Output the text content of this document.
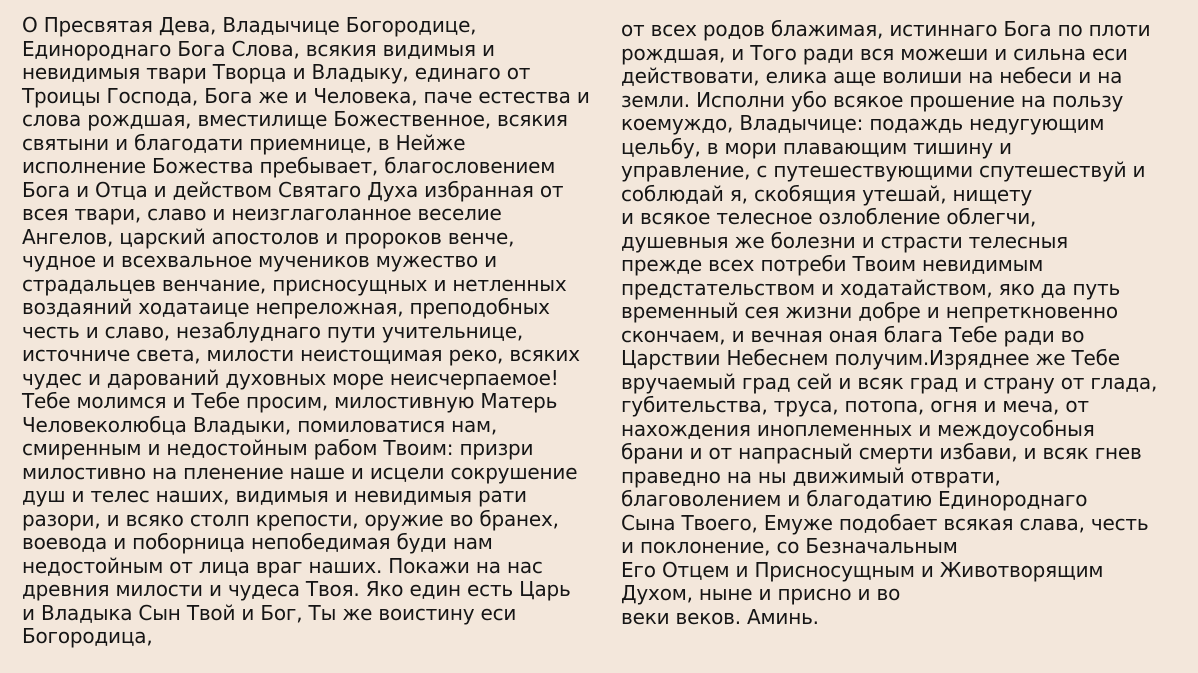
О Пресвятая Дева, Владычице Богородице,
Единороднаго Бога Слова, всякия видимыя и
невидимыя твари Творца и Владыку, единаго от
Троицы Господа, Бога же и Человека, паче естества и
слова рождшая, вместилище Божественное, всякия
святыни и благодати приемнице, в Нейже
исполнение Божества пребывает, благословением
Бога и Отца и действом Святаго Духа избранная от
всея твари, славо и неизглаголанное веселие
Ангелов, царский апостолов и пророков венче,
чудное и всехвальное мучеников мужество и
страдальцев венчание, присносущных и нетленных
воздаяний ходатаице непреложная, преподобных
честь и славо, незаблуднаго пути учительнице,
источниче света, милости неистощимая реко, всяких
чудес и дарований духовных море неисчерпаемое!
Тебе молимся и Тебе просим, милостивную Матерь
Человеколюбца Владыки, помиловатися нам,
смиренным и недостойным рабом Твоим: призри
милостивно на пленение наше и исцели сокрушение
душ и телес наших, видимыя и невидимыя рати
разори, и всяко столп крепости, оружие во бранех,
воевода и поборница непобедимая буди нам
недостойным от лица враг наших. Покажи на нас
древния милости и чудеса Твоя. Яко един есть Царь
и Владыка Сын Твой и Бог, Ты же воистину еси
Богородица,
от всех родов блажимая, истиннаго Бога по плоти
рождшая, и Того ради вся можеши и сильна еси
действовати, елика аще волиши на небеси и на
земли. Исполни убо всякое прошение на пользу
коемуждо, Владычице: подаждь недугующим
цельбу, в мори плавающим тишину и
управление, с путешествующими спутешествуй и
соблюдай я, скобящия утешай, нищету
и всякое телесное озлобление облегчи,
душевныя же болезни и страсти телесныя
прежде всех потреби Твоим невидимым
предстательством и ходатайством, яко да путь
временный сея жизни добре и непреткновенно
скончаем, и вечная оная блага Тебе ради во
Царствии Небеснем получим.Изряднее же Тебе
вручаемый град сей и всяк град и страну от глада,
губительства, труса, потопа, огня и меча, от
нахождения иноплеменных и междоусобныя
брани и от напрасный смерти избави, и всяк гнев
праведно на ны движимый отврати,
благоволением и благодатию Единороднаго
Сына Твоего, Емуже подобает всякая слава, честь
и поклонение, со Безначальным
Его Отцем и Присносущным и Животворящим
Духом, ныне и присно и во
веки веков. Аминь.
